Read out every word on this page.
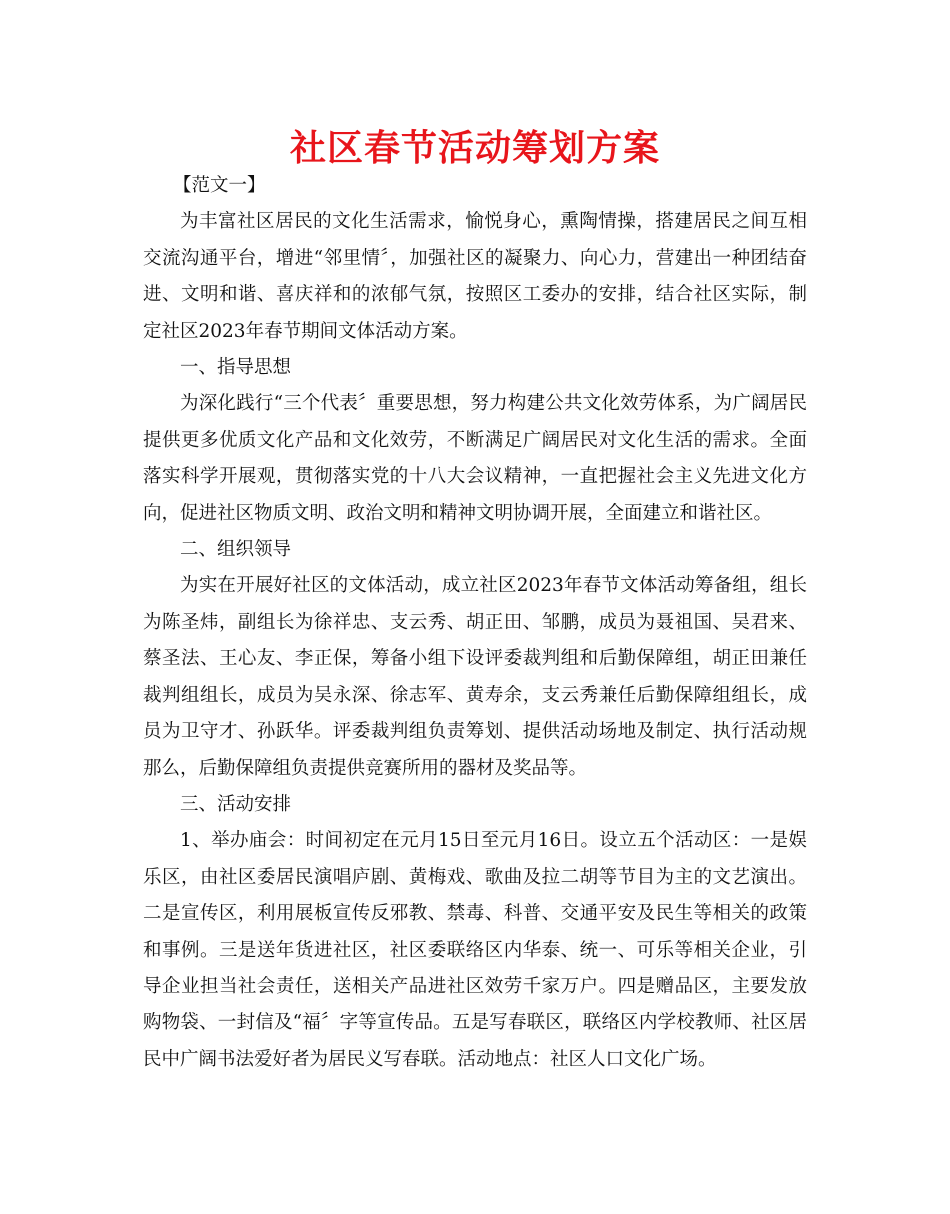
社区春节活动筹划方案

【范文一】

为丰富社区居民的文化生活需求，愉悦身心，熏陶情操，搭建居民之间互相交流沟通平台，增进“邻里情〞，加强社区的凝聚力、向心力，营建出一种团结奋进、文明和谐、喜庆祥和的浓郁气氛，按照区工委办的安排，结合社区实际，制定社区2023年春节期间文体活动方案。

一、指导思想

为深化践行“三个代表〞重要思想，努力构建公共文化效劳体系，为广阔居民提供更多优质文化产品和文化效劳，不断满足广阔居民对文化生活的需求。全面落实科学开展观，贯彻落实党的十八大会议精神，一直把握社会主义先进文化方向，促进社区物质文明、政治文明和精神文明协调开展，全面建立和谐社区。

二、组织领导

为实在开展好社区的文体活动，成立社区2023年春节文体活动筹备组，组长为陈圣炜，副组长为徐祥忠、支云秀、胡正田、邹鹏，成员为聂祖国、吴君来、蔡圣法、王心友、李正保，筹备小组下设评委裁判组和后勤保障组，胡正田兼任裁判组组长，成员为吴永深、徐志军、黄寿余，支云秀兼任后勤保障组组长，成员为卫守才、孙跃华。评委裁判组负责筹划、提供活动场地及制定、执行活动规那么，后勤保障组负责提供竞赛所用的器材及奖品等。

三、活动安排

1、举办庙会：时间初定在元月15日至元月16日。设立五个活动区：一是娱乐区，由社区委居民演唱庐剧、黄梅戏、歌曲及拉二胡等节目为主的文艺演出。二是宣传区，利用展板宣传反邪教、禁毒、科普、交通平安及民生等相关的政策和事例。三是送年货进社区，社区委联络区内华泰、统一、可乐等相关企业，引导企业担当社会责任，送相关产品进社区效劳千家万户。四是赠品区，主要发放购物袋、一封信及“福〞字等宣传品。五是写春联区，联络区内学校教师、社区居民中广阔书法爱好者为居民义写春联。活动地点：社区人口文化广场。
